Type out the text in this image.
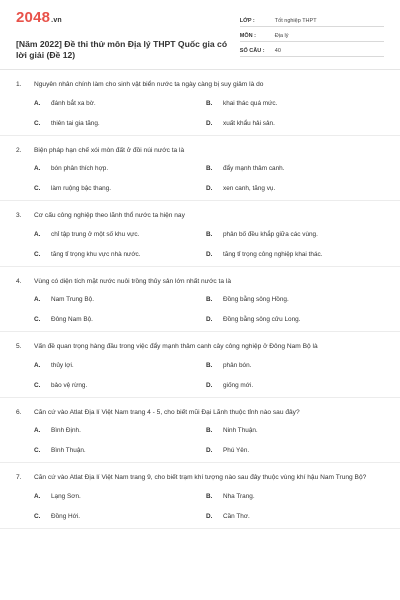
2048.vn
[Năm 2022] Đề thi thử môn Địa lý THPT Quốc gia có lời giải (Đề 12)
LỚP :	Tốt nghiệp THPT
MÔN :	Địa lý
SỐ CÂU :	40
1.	Nguyên nhân chính làm cho sinh vật biển nước ta ngày càng bị suy giảm là do
A.	đánh bắt xa bờ.	B.	khai thác quá mức.
C.	thiên tai gia tăng.	D.	xuất khẩu hải sản.
2.	Biện pháp hạn chế xói mòn đất ở đồi núi nước ta là
A.	bón phân thích hợp.	B.	đẩy mạnh thâm canh.
C.	làm ruộng bậc thang.	D.	xen canh, tăng vụ.
3.	Cơ cấu công nghiệp theo lãnh thổ nước ta hiện nay
A.	chỉ tập trung ở một số khu vực.	B.	phân bố đều khắp giữa các vùng.
C.	tăng tỉ trọng khu vực nhà nước.	D.	tăng tỉ trọng công nghiệp khai thác.
4.	Vùng có diện tích mặt nước nuôi trồng thủy sản lớn nhất nước ta là
A.	Nam Trung Bộ.	B.	Đồng bằng sông Hồng.
C.	Đông Nam Bộ.	D.	Đồng bằng sông cửu Long.
5.	Vấn đề quan trọng hàng đầu trong việc đẩy mạnh thâm canh cây công nghiệp ở Đông Nam Bộ là
A.	thủy lợi.	B.	phân bón.
C.	bảo vệ rừng.	D.	giống mới.
6.	Căn cứ vào Atlat Địa lí Việt Nam trang 4 - 5, cho biết mũi Đại Lãnh thuộc tỉnh nào sau đây?
A.	Bình Định.	B.	Ninh Thuận.
C.	Bình Thuận.	D.	Phú Yên.
7.	Căn cứ vào Atlat Địa lí Việt Nam trang 9, cho biết trạm khí tượng nào sau đây thuộc vùng khí hậu Nam Trung Bộ?
A.	Lạng Sơn.	B.	Nha Trang.
C.	Đồng Hới.	D.	Cần Thơ.
